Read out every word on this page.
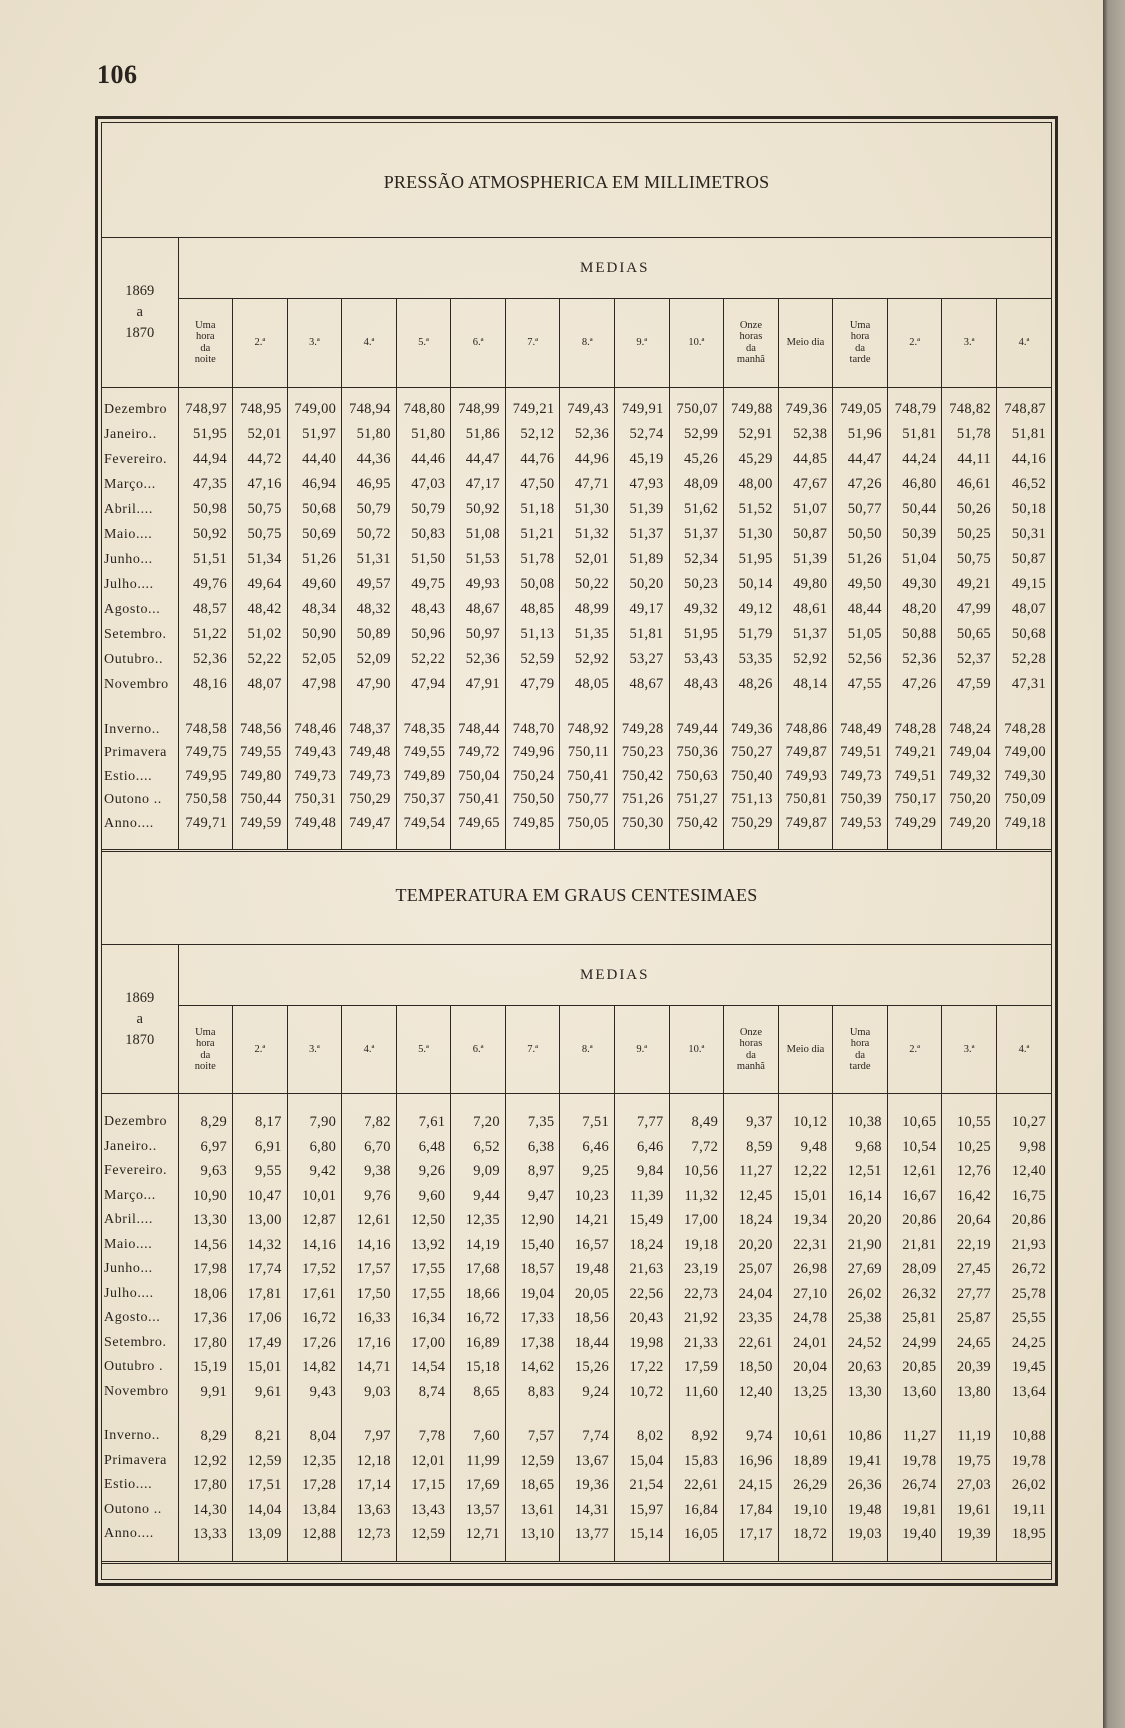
106
PRESSÃO ATMOSPHERICA EM MILLIMETROS
1869
a
1870	MEDIAS															
	Uma hora da noite	2.ª	3.ª	4.ª	5.ª	6.ª	7.ª	8.ª	9.ª	10.ª	Onze horas da manhã	Meio dia	Uma hora da tarde	2.ª	3.ª	4.ª
Dezembro	748,97	748,95	749,00	748,94	748,80	748,99	749,21	749,43	749,91	750,07	749,88	749,36	749,05	748,79	748,82	748,87
Janeiro..	51,95	52,01	51,97	51,80	51,80	51,86	52,12	52,36	52,74	52,99	52,91	52,38	51,96	51,81	51,78	51,81
Fevereiro.	44,94	44,72	44,40	44,36	44,46	44,47	44,76	44,96	45,19	45,26	45,29	44,85	44,47	44,24	44,11	44,16
Março...	47,35	47,16	46,94	46,95	47,03	47,17	47,50	47,71	47,93	48,09	48,00	47,67	47,26	46,80	46,61	46,52
Abril....	50,98	50,75	50,68	50,79	50,79	50,92	51,18	51,30	51,39	51,62	51,52	51,07	50,77	50,44	50,26	50,18
Maio....	50,92	50,75	50,69	50,72	50,83	51,08	51,21	51,32	51,37	51,37	51,30	50,87	50,50	50,39	50,25	50,31
Junho...	51,51	51,34	51,26	51,31	51,50	51,53	51,78	52,01	51,89	52,34	51,95	51,39	51,26	51,04	50,75	50,87
Julho....	49,76	49,64	49,60	49,57	49,75	49,93	50,08	50,22	50,20	50,23	50,14	49,80	49,50	49,30	49,21	49,15
Agosto...	48,57	48,42	48,34	48,32	48,43	48,67	48,85	48,99	49,17	49,32	49,12	48,61	48,44	48,20	47,99	48,07
Setembro.	51,22	51,02	50,90	50,89	50,96	50,97	51,13	51,35	51,81	51,95	51,79	51,37	51,05	50,88	50,65	50,68
Outubro..	52,36	52,22	52,05	52,09	52,22	52,36	52,59	52,92	53,27	53,43	53,35	52,92	52,56	52,36	52,37	52,28
Novembro	48,16	48,07	47,98	47,90	47,94	47,91	47,79	48,05	48,67	48,43	48,26	48,14	47,55	47,26	47,59	47,31
Inverno..	748,58	748,56	748,46	748,37	748,35	748,44	748,70	748,92	749,28	749,44	749,36	748,86	748,49	748,28	748,24	748,28
Primavera	749,75	749,55	749,43	749,48	749,55	749,72	749,96	750,11	750,23	750,36	750,27	749,87	749,51	749,21	749,04	749,00
Estio....	749,95	749,80	749,73	749,73	749,89	750,04	750,24	750,41	750,42	750,63	750,40	749,93	749,73	749,51	749,32	749,30
Outono ..	750,58	750,44	750,31	750,29	750,37	750,41	750,50	750,77	751,26	751,27	751,13	750,81	750,39	750,17	750,20	750,09
Anno....	749,71	749,59	749,48	749,47	749,54	749,65	749,85	750,05	750,30	750,42	750,29	749,87	749,53	749,29	749,20	749,18
TEMPERATURA EM GRAUS CENTESIMAES
1869
a
1870	MEDIAS															
	Uma hora da noite	2.ª	3.ª	4.ª	5.ª	6.ª	7.ª	8.ª	9.ª	10.ª	Onze horas da manhã	Meio dia	Uma hora da tarde	2.ª	3.ª	4.ª
Dezembro	8,29	8,17	7,90	7,82	7,61	7,20	7,35	7,51	7,77	8,49	9,37	10,12	10,38	10,65	10,55	10,27
Janeiro..	6,97	6,91	6,80	6,70	6,48	6,52	6,38	6,46	6,46	7,72	8,59	9,48	9,68	10,54	10,25	9,98
Fevereiro.	9,63	9,55	9,42	9,38	9,26	9,09	8,97	9,25	9,84	10,56	11,27	12,22	12,51	12,61	12,76	12,40
Março...	10,90	10,47	10,01	9,76	9,60	9,44	9,47	10,23	11,39	11,32	12,45	15,01	16,14	16,67	16,42	16,75
Abril....	13,30	13,00	12,87	12,61	12,50	12,35	12,90	14,21	15,49	17,00	18,24	19,34	20,20	20,86	20,64	20,86
Maio....	14,56	14,32	14,16	14,16	13,92	14,19	15,40	16,57	18,24	19,18	20,20	22,31	21,90	21,81	22,19	21,93
Junho...	17,98	17,74	17,52	17,57	17,55	17,68	18,57	19,48	21,63	23,19	25,07	26,98	27,69	28,09	27,45	26,72
Julho....	18,06	17,81	17,61	17,50	17,55	18,66	19,04	20,05	22,56	22,73	24,04	27,10	26,02	26,32	27,77	25,78
Agosto...	17,36	17,06	16,72	16,33	16,34	16,72	17,33	18,56	20,43	21,92	23,35	24,78	25,38	25,81	25,87	25,55
Setembro.	17,80	17,49	17,26	17,16	17,00	16,89	17,38	18,44	19,98	21,33	22,61	24,01	24,52	24,99	24,65	24,25
Outubro .	15,19	15,01	14,82	14,71	14,54	15,18	14,62	15,26	17,22	17,59	18,50	20,04	20,63	20,85	20,39	19,45
Novembro	9,91	9,61	9,43	9,03	8,74	8,65	8,83	9,24	10,72	11,60	12,40	13,25	13,30	13,60	13,80	13,64
Inverno..	8,29	8,21	8,04	7,97	7,78	7,60	7,57	7,74	8,02	8,92	9,74	10,61	10,86	11,27	11,19	10,88
Primavera	12,92	12,59	12,35	12,18	12,01	11,99	12,59	13,67	15,04	15,83	16,96	18,89	19,41	19,78	19,75	19,78
Estio....	17,80	17,51	17,28	17,14	17,15	17,69	18,65	19,36	21,54	22,61	24,15	26,29	26,36	26,74	27,03	26,02
Outono ..	14,30	14,04	13,84	13,63	13,43	13,57	13,61	14,31	15,97	16,84	17,84	19,10	19,48	19,81	19,61	19,11
Anno....	13,33	13,09	12,88	12,73	12,59	12,71	13,10	13,77	15,14	16,05	17,17	18,72	19,03	19,40	19,39	18,95
